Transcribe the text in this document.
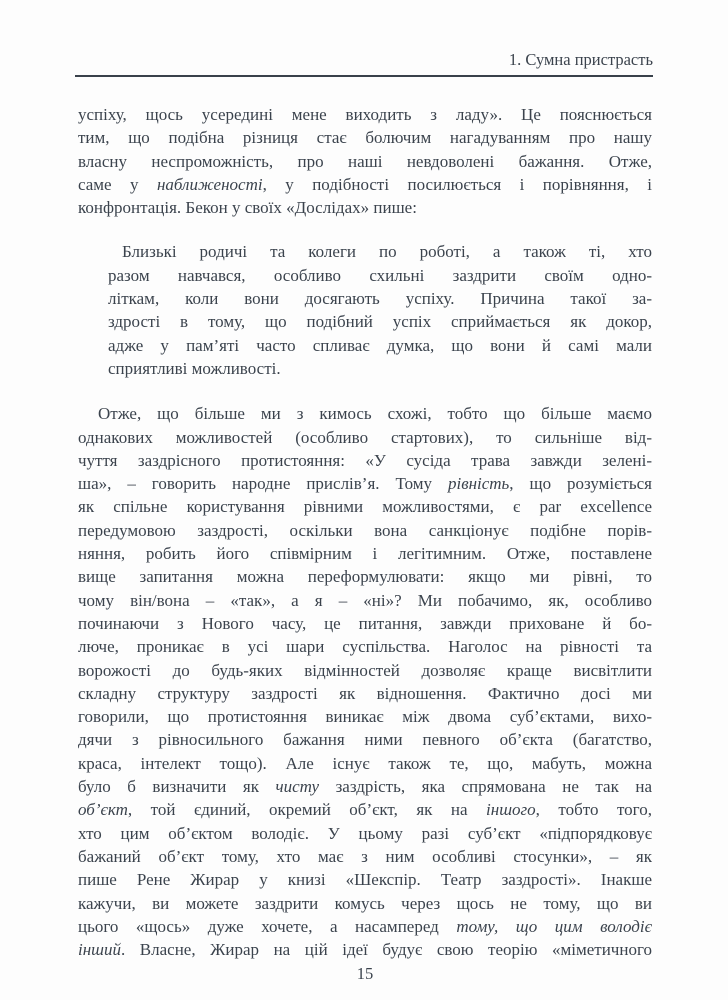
1. Сумна пристрасть
успіху, щось усередині мене виходить з ладу». Це пояснюється
тим, що подібна різниця стає болючим нагадуванням про нашу
власну неспроможність, про наші невдоволені бажання. Отже,
саме у наближеності, у подібності посилюється і порівняння, і
конфронтація. Бекон у своїх «Дослідах» пише:
Близькі родичі та колеги по роботі, а також ті, хто
разом навчався, особливо схильні заздрити своїм одно-
літкам, коли вони досягають успіху. Причина такої за-
здрості в тому, що подібний успіх сприймається як докор,
адже у пам’яті часто спливає думка, що вони й самі мали
сприятливі можливості.
Отже, що більше ми з кимось схожі, тобто що більше маємо
однакових можливостей (особливо стартових), то сильніше від-
чуття заздрісного протистояння: «У сусіда трава завжди зелені-
ша», – говорить народне прислів’я. Тому рівність, що розуміється
як спільне користування рівними можливостями, є par excellence
передумовою заздрості, оскільки вона санкціонує подібне порів-
няння, робить його співмірним і легітимним. Отже, поставлене
вище запитання можна переформулювати: якщо ми рівні, то
чому він/вона – «так», а я – «ні»? Ми побачимо, як, особливо
починаючи з Нового часу, це питання, завжди приховане й бо-
люче, проникає в усі шари суспільства. Наголос на рівності та
ворожості до будь-яких відмінностей дозволяє краще висвітлити
складну структуру заздрості як відношення. Фактично досі ми
говорили, що протистояння виникає між двома суб’єктами, вихо-
дячи з рівносильного бажання ними певного об’єкта (багатство,
краса, інтелект тощо). Але існує також те, що, мабуть, можна
було б визначити як чисту заздрість, яка спрямована не так на
об’єкт, той єдиний, окремий об’єкт, як на іншого, тобто того,
хто цим об’єктом володіє. У цьому разі суб’єкт «підпорядковує
бажаний об’єкт тому, хто має з ним особливі стосунки», – як
пише Рене Жирар у книзі «Шекспір. Театр заздрості». Інакше
кажучи, ви можете заздрити комусь через щось не тому, що ви
цього «щось» дуже хочете, а насамперед тому, що цим володіє
інший. Власне, Жирар на цій ідеї будує свою теорію «міметичного
15
